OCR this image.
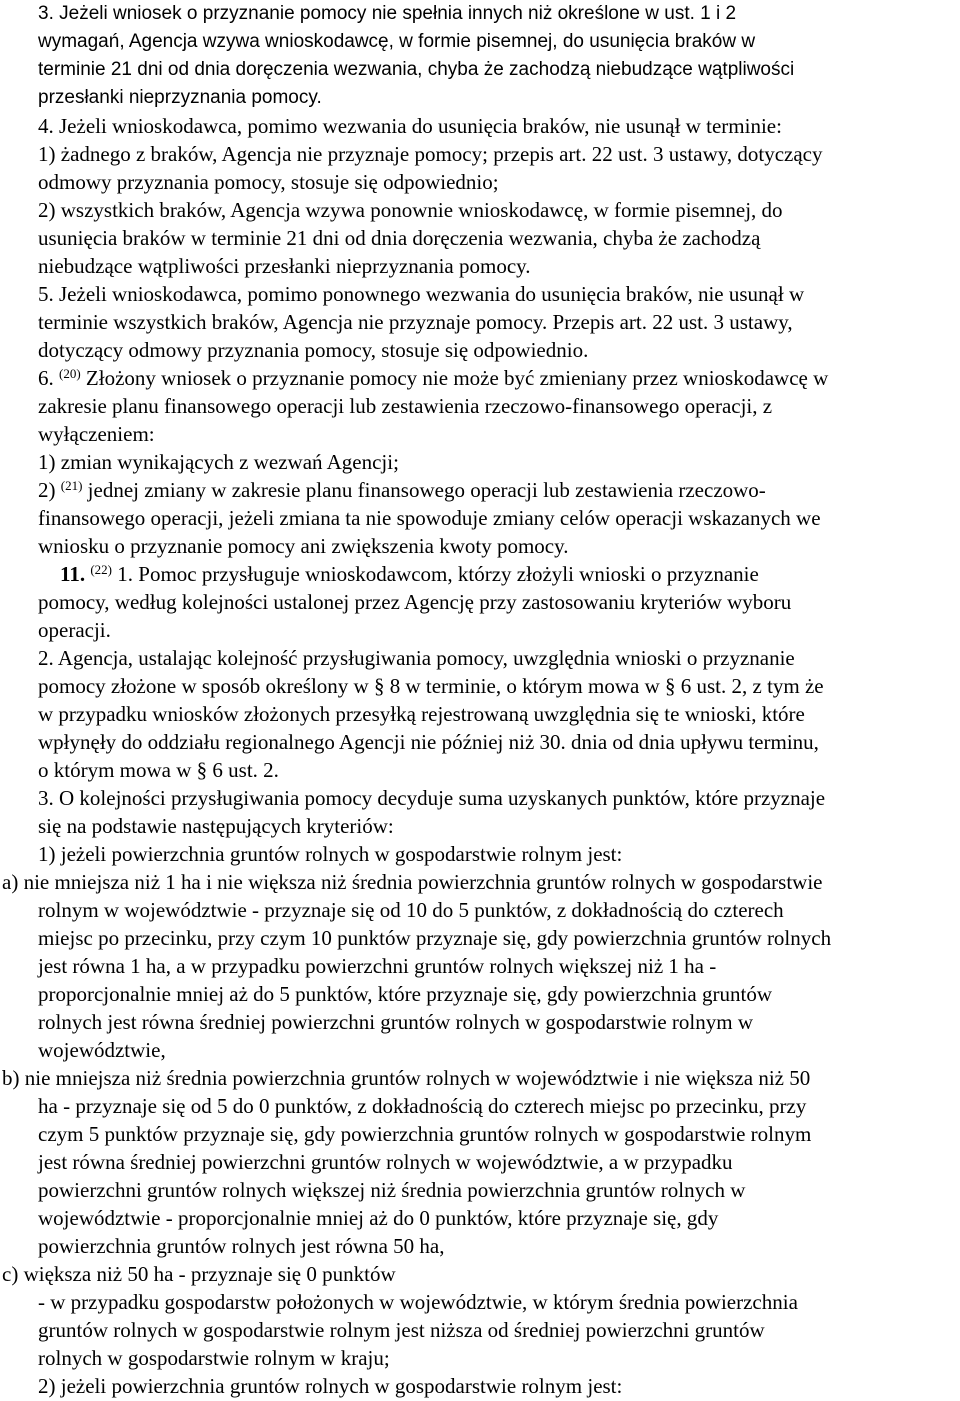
3. Jeżeli wniosek o przyznanie pomocy nie spełnia innych niż określone w ust. 1 i 2
wymagań, Agencja wzywa wnioskodawcę, w formie pisemnej, do usunięcia braków w
terminie 21 dni od dnia doręczenia wezwania, chyba że zachodzą niebudzące wątpliwości
przesłanki nieprzyznania pomocy.
4. Jeżeli wnioskodawca, pomimo wezwania do usunięcia braków, nie usunął w terminie:
1) żadnego z braków, Agencja nie przyznaje pomocy; przepis art. 22 ust. 3 ustawy, dotyczący
odmowy przyznania pomocy, stosuje się odpowiednio;
2) wszystkich braków, Agencja wzywa ponownie wnioskodawcę, w formie pisemnej, do
usunięcia braków w terminie 21 dni od dnia doręczenia wezwania, chyba że zachodzą
niebudzące wątpliwości przesłanki nieprzyznania pomocy.
5. Jeżeli wnioskodawca, pomimo ponownego wezwania do usunięcia braków, nie usunął w
terminie wszystkich braków, Agencja nie przyznaje pomocy. Przepis art. 22 ust. 3 ustawy,
dotyczący odmowy przyznania pomocy, stosuje się odpowiednio.
6. $^{(20)}$ Złożony wniosek o przyznanie pomocy nie może być zmieniany przez wnioskodawcę w
zakresie planu finansowego operacji lub zestawienia rzeczowo-finansowego operacji, z
wyłączeniem:
1) zmian wynikających z wezwań Agencji;
2) $^{(21)}$ jednej zmiany w zakresie planu finansowego operacji lub zestawienia rzeczowo-
finansowego operacji, jeżeli zmiana ta nie spowoduje zmiany celów operacji wskazanych we
wniosku o przyznanie pomocy ani zwiększenia kwoty pomocy.
11. $^{(22)}$ 1. Pomoc przysługuje wnioskodawcom, którzy złożyli wnioski o przyznanie
pomocy, według kolejności ustalonej przez Agencję przy zastosowaniu kryteriów wyboru
operacji.
2. Agencja, ustalając kolejność przysługiwania pomocy, uwzględnia wnioski o przyznanie
pomocy złożone w sposób określony w § 8 w terminie, o którym mowa w § 6 ust. 2, z tym że
w przypadku wniosków złożonych przesyłką rejestrowaną uwzględnia się te wnioski, które
wpłynęły do oddziału regionalnego Agencji nie później niż 30. dnia od dnia upływu terminu,
o którym mowa w § 6 ust. 2.
3. O kolejności przysługiwania pomocy decyduje suma uzyskanych punktów, które przyznaje
się na podstawie następujących kryteriów:
1) jeżeli powierzchnia gruntów rolnych w gospodarstwie rolnym jest:
a) nie mniejsza niż 1 ha i nie większa niż średnia powierzchnia gruntów rolnych w gospodarstwie
rolnym w województwie - przyznaje się od 10 do 5 punktów, z dokładnością do czterech
miejsc po przecinku, przy czym 10 punktów przyznaje się, gdy powierzchnia gruntów rolnych
jest równa 1 ha, a w przypadku powierzchni gruntów rolnych większej niż 1 ha -
proporcjonalnie mniej aż do 5 punktów, które przyznaje się, gdy powierzchnia gruntów
rolnych jest równa średniej powierzchni gruntów rolnych w gospodarstwie rolnym w
województwie,
b) nie mniejsza niż średnia powierzchnia gruntów rolnych w województwie i nie większa niż 50
ha - przyznaje się od 5 do 0 punktów, z dokładnością do czterech miejsc po przecinku, przy
czym 5 punktów przyznaje się, gdy powierzchnia gruntów rolnych w gospodarstwie rolnym
jest równa średniej powierzchni gruntów rolnych w województwie, a w przypadku
powierzchni gruntów rolnych większej niż średnia powierzchnia gruntów rolnych w
województwie - proporcjonalnie mniej aż do 0 punktów, które przyznaje się, gdy
powierzchnia gruntów rolnych jest równa 50 ha,
c) większa niż 50 ha - przyznaje się 0 punktów
- w przypadku gospodarstw położonych w województwie, w którym średnia powierzchnia
gruntów rolnych w gospodarstwie rolnym jest niższa od średniej powierzchni gruntów
rolnych w gospodarstwie rolnym w kraju;
2) jeżeli powierzchnia gruntów rolnych w gospodarstwie rolnym jest:
